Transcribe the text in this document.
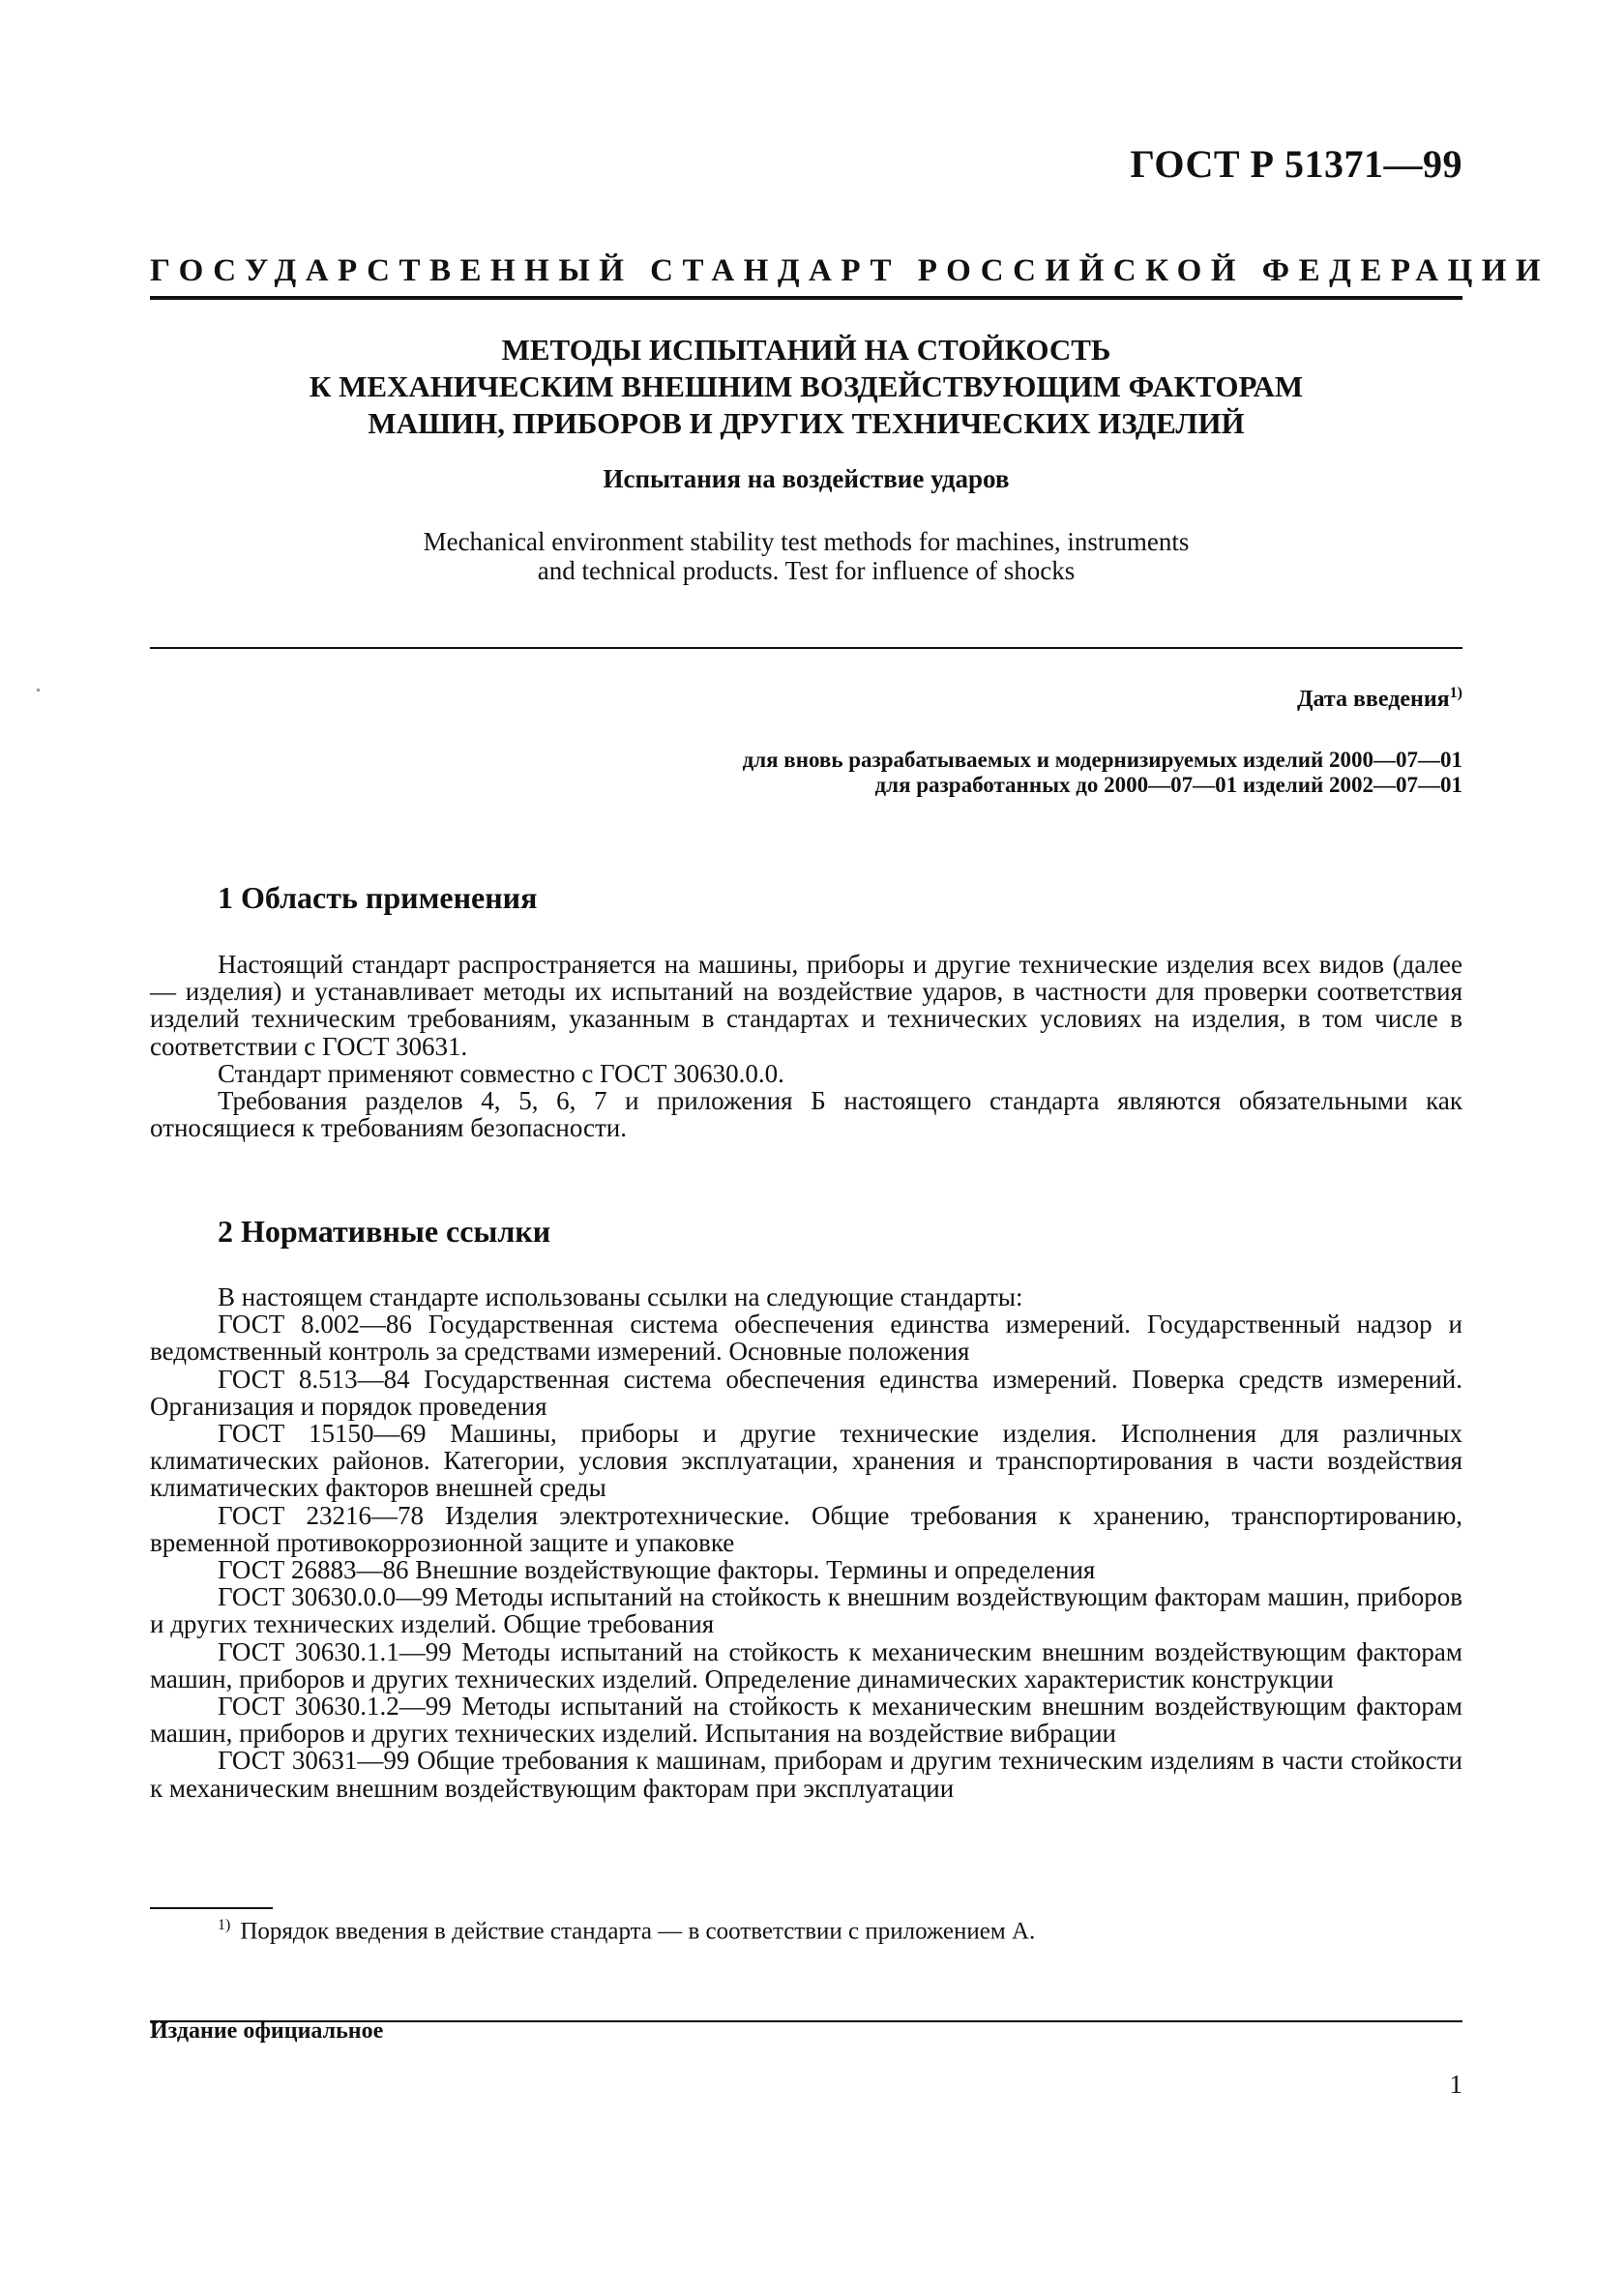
ГОСТ Р 51371—99
ГОСУДАРСТВЕННЫЙ СТАНДАРТ РОССИЙСКОЙ ФЕДЕРАЦИИ
МЕТОДЫ ИСПЫТАНИЙ НА СТОЙКОСТЬ
К МЕХАНИЧЕСКИМ ВНЕШНИМ ВОЗДЕЙСТВУЮЩИМ ФАКТОРАМ
МАШИН, ПРИБОРОВ И ДРУГИХ ТЕХНИЧЕСКИХ ИЗДЕЛИЙ
Испытания на воздействие ударов
Mechanical environment stability test methods for machines, instruments
and technical products. Test for influence of shocks
Дата введения$^{1)}$
для вновь разрабатываемых и модернизируемых изделий 2000—07—01
для разработанных до 2000—07—01 изделий 2002—07—01
1 Область применения

Настоящий стандарт распространяется на машины, приборы и другие технические изделия всех видов (далее — изделия) и устанавливает методы их испытаний на воздействие ударов, в частности для проверки соответствия изделий техническим требованиям, указанным в стандартах и технических условиях на изделия, в том числе в соответствии с ГОСТ 30631.

Стандарт применяют совместно с ГОСТ 30630.0.0.

Требования разделов 4, 5, 6, 7 и приложения Б настоящего стандарта являются обязательными как относящиеся к требованиям безопасности.

2 Нормативные ссылки

В настоящем стандарте использованы ссылки на следующие стандарты:

ГОСТ 8.002—86 Государственная система обеспечения единства измерений. Государственный надзор и ведомственный контроль за средствами измерений. Основные положения

ГОСТ 8.513—84 Государственная система обеспечения единства измерений. Поверка средств измерений. Организация и порядок проведения

ГОСТ 15150—69 Машины, приборы и другие технические изделия. Исполнения для различных климатических районов. Категории, условия эксплуатации, хранения и транспортирования в части воздействия климатических факторов внешней среды

ГОСТ 23216—78 Изделия электротехнические. Общие требования к хранению, транспортированию, временной противокоррозионной защите и упаковке

ГОСТ 26883—86 Внешние воздействующие факторы. Термины и определения

ГОСТ 30630.0.0—99 Методы испытаний на стойкость к внешним воздействующим факторам машин, приборов и других технических изделий. Общие требования

ГОСТ 30630.1.1—99 Методы испытаний на стойкость к механическим внешним воздействующим факторам машин, приборов и других технических изделий. Определение динамических характеристик конструкции

ГОСТ 30630.1.2—99 Методы испытаний на стойкость к механическим внешним воздействующим факторам машин, приборов и других технических изделий. Испытания на воздействие вибрации

ГОСТ 30631—99 Общие требования к машинам, приборам и другим техническим изделиям в части стойкости к механическим внешним воздействующим факторам при эксплуатации

$^{1)}$ Порядок введения в действие стандарта — в соответствии с приложением А.
Издание официальное
1
